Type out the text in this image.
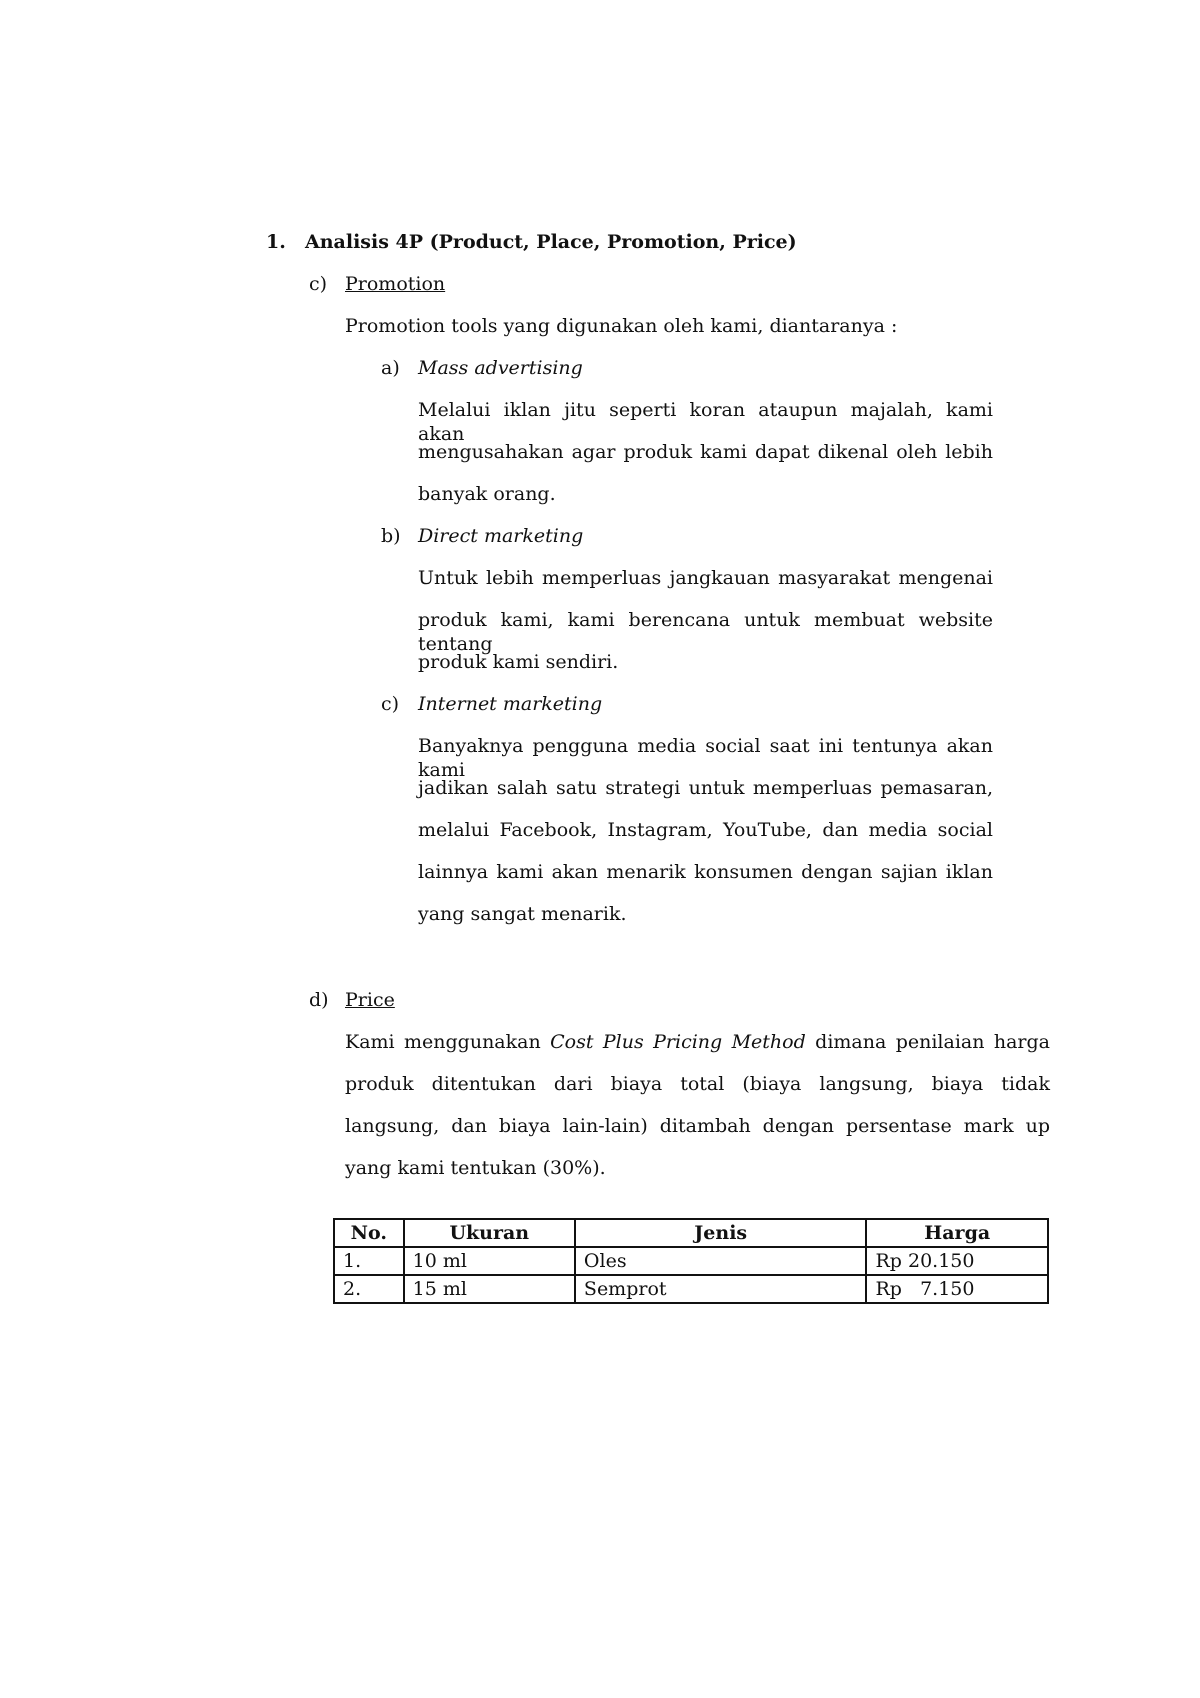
1. Analisis 4P (Product, Place, Promotion, Price)
c) Promotion
Promotion tools yang digunakan oleh kami, diantaranya :
a) Mass advertising
Melalui iklan jitu seperti koran ataupun majalah, kami akan
mengusahakan agar produk kami dapat dikenal oleh lebih
banyak orang.
b) Direct marketing
Untuk lebih memperluas jangkauan masyarakat mengenai
produk kami, kami berencana untuk membuat website tentang
produk kami sendiri.
c) Internet marketing
Banyaknya pengguna media social saat ini tentunya akan kami
jadikan salah satu strategi untuk memperluas pemasaran,
melalui Facebook, Instagram, YouTube, dan media social
lainnya kami akan menarik konsumen dengan sajian iklan
yang sangat menarik.
d) Price
Kami menggunakan Cost Plus Pricing Method dimana penilaian harga
produk ditentukan dari biaya total (biaya langsung, biaya tidak
langsung, dan biaya lain-lain) ditambah dengan persentase mark up
yang kami tentukan (30%).
No.	Ukuran	Jenis	Harga
1.	10 ml	Oles	Rp 20.150
2.	15 ml	Semprot	Rp   7.150
